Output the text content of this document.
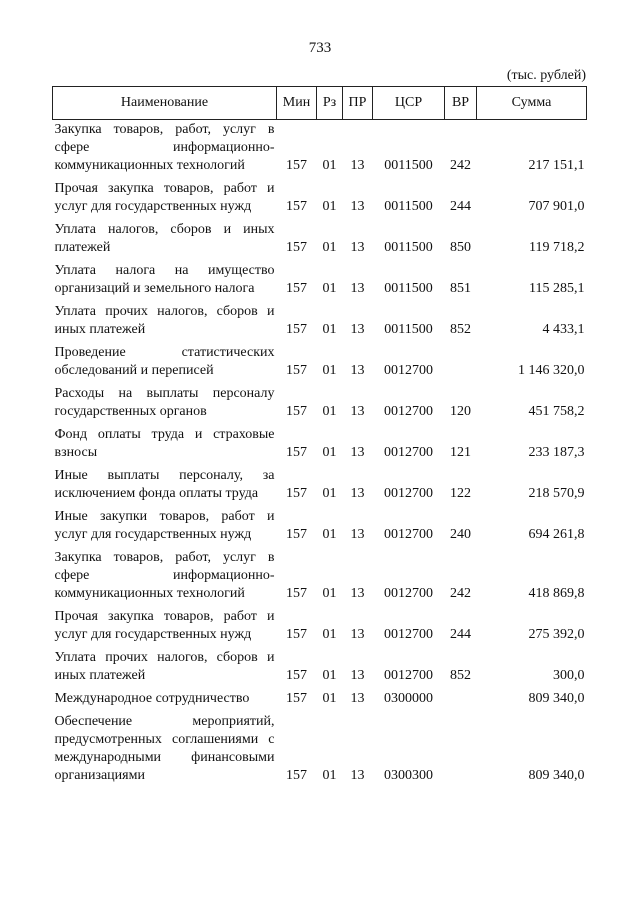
733
(тыс. рублей)
Наименование	Мин	Рз	ПР	ЦСР	ВР	Сумма
Закупка товаров, работ, услуг в сфере информационно-коммуникационных технологий	157	01	13	0011500	242	217 151,1
Прочая закупка товаров, работ и услуг для государственных нужд	157	01	13	0011500	244	707 901,0
Уплата налогов, сборов и иных платежей	157	01	13	0011500	850	119 718,2
Уплата налога на имущество организаций и земельного налога	157	01	13	0011500	851	115 285,1
Уплата прочих налогов, сборов и иных платежей	157	01	13	0011500	852	4 433,1
Проведение статистических обследований и переписей	157	01	13	0012700		1 146 320,0
Расходы на выплаты персоналу государственных органов	157	01	13	0012700	120	451 758,2
Фонд оплаты труда и страховые взносы	157	01	13	0012700	121	233 187,3
Иные выплаты персоналу, за исключением фонда оплаты труда	157	01	13	0012700	122	218 570,9
Иные закупки товаров, работ и услуг для государственных нужд	157	01	13	0012700	240	694 261,8
Закупка товаров, работ, услуг в сфере информационно-коммуникационных технологий	157	01	13	0012700	242	418 869,8
Прочая закупка товаров, работ и услуг для государственных нужд	157	01	13	0012700	244	275 392,0
Уплата прочих налогов, сборов и иных платежей	157	01	13	0012700	852	300,0
Международное сотрудничество	157	01	13	0300000		809 340,0
Обеспечение мероприятий, предусмотренных соглашениями с международными финансовыми организациями	157	01	13	0300300		809 340,0
